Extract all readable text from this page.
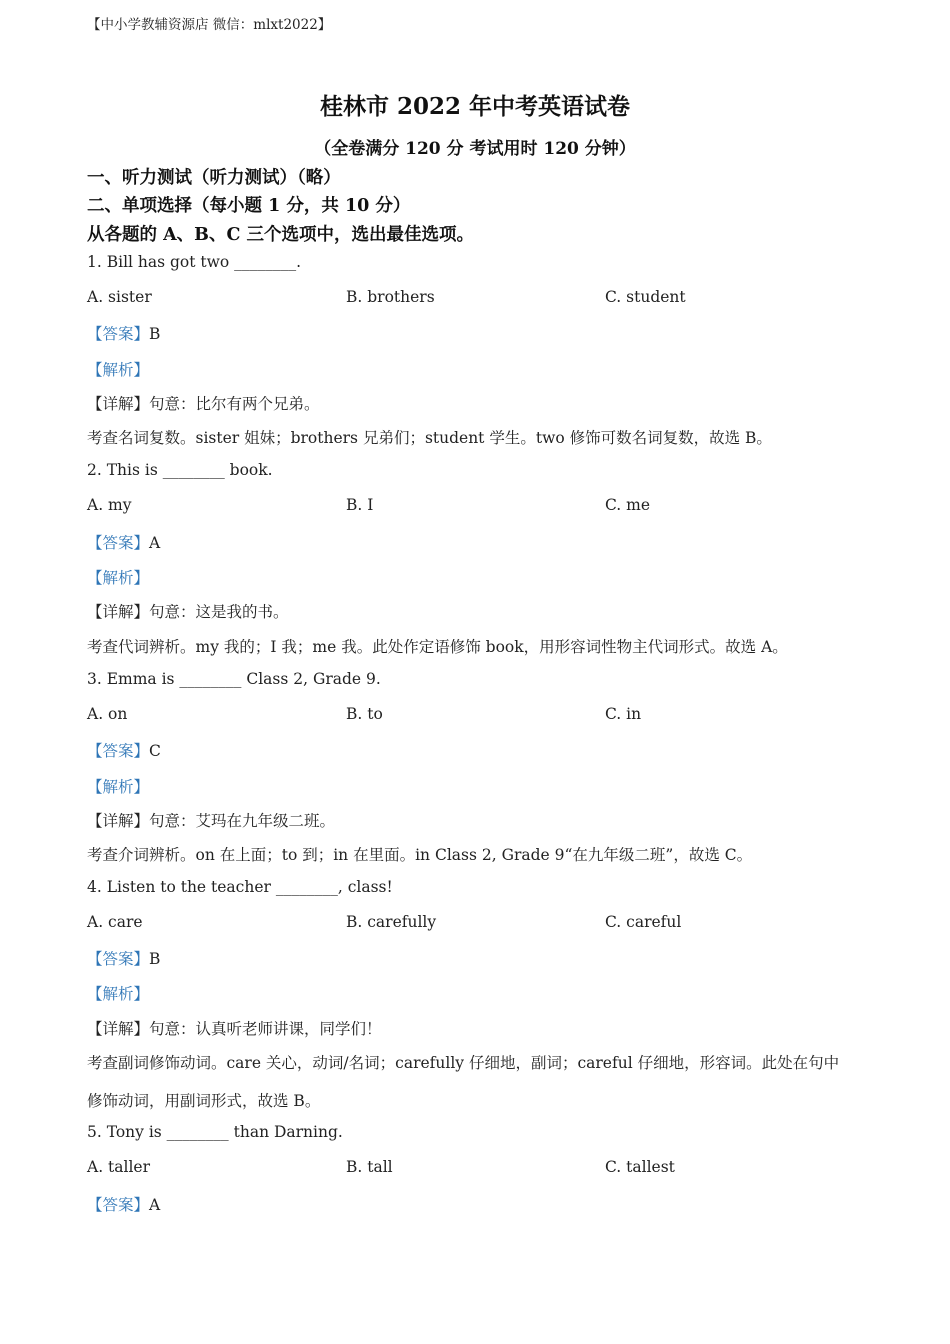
【中小学教辅资源店 微信：mlxt2022】
桂林市 2022 年中考英语试卷
（全卷满分 120 分 考试用时 120 分钟）
一、听力测试（听力测试）（略）
二、单项选择（每小题 1 分，共 10 分）
从各题的 A、B、C 三个选项中，选出最佳选项。
1. Bill has got two ________.
A. sister	B. brothers	C. student
【答案】B
【解析】
【详解】句意：比尔有两个兄弟。
考查名词复数。sister 姐妹；brothers 兄弟们；student 学生。two 修饰可数名词复数，故选 B。
2. This is ________ book.
A. my	B. I	C. me
【答案】A
【解析】
【详解】句意：这是我的书。
考查代词辨析。my 我的；I 我；me 我。此处作定语修饰 book，用形容词性物主代词形式。故选 A。
3. Emma is ________ Class 2, Grade 9.
A. on	B. to	C. in
【答案】C
【解析】
【详解】句意：艾玛在九年级二班。
考查介词辨析。on 在上面；to 到；in 在里面。in Class 2, Grade 9“在九年级二班”，故选 C。
4. Listen to the teacher ________, class!
A. care	B. carefully	C. careful
【答案】B
【解析】
【详解】句意：认真听老师讲课，同学们！
考查副词修饰动词。care 关心，动词/名词；carefully 仔细地，副词；careful 仔细地，形容词。此处在句中
修饰动词，用副词形式，故选 B。
5. Tony is ________ than Darning.
A. taller	B. tall	C. tallest
【答案】A
